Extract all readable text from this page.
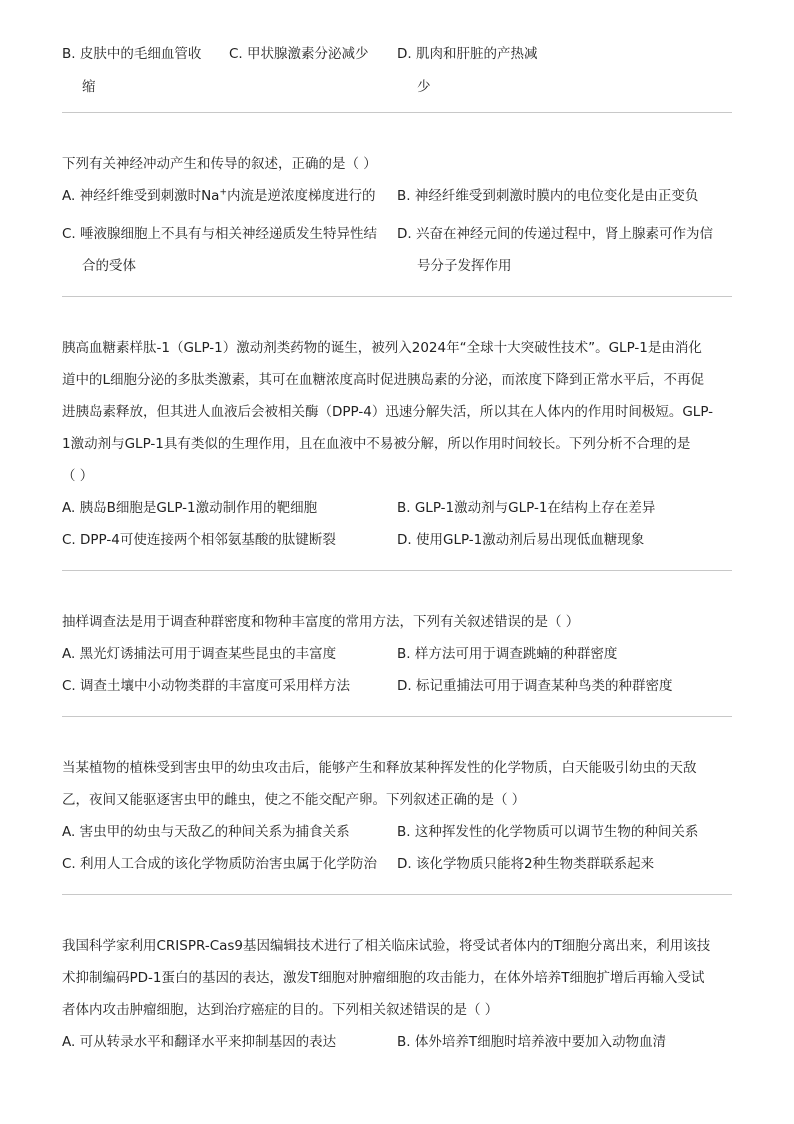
B. 皮肤中的毛细血管收
缩
C. 甲状腺激素分泌减少 D. 肌肉和肝脏的产热减
少
下列有关神经冲动产生和传导的叙述，正确的是（ ）
A. 神经纤维受到刺激时Na+内流是逆浓度梯度进行的 B. 神经纤维受到刺激时膜内的电位变化是由正变负
C. 唾液腺细胞上不具有与相关神经递质发生特异性结
合的受体
D. 兴奋在神经元间的传递过程中，肾上腺素可作为信
号分子发挥作用
胰高血糖素样肽-1（GLP-1）激动剂类药物的诞生，被列入2024年“全球十大突破性技术”。GLP-1是由消化
道中的L细胞分泌的多肽类激素，其可在血糖浓度高时促进胰岛素的分泌，而浓度下降到正常水平后，不再促
进胰岛素释放，但其进人血液后会被相关酶（DPP-4）迅速分解失活，所以其在人体内的作用时间极短。GLP-
1激动剂与GLP-1具有类似的生理作用，且在血液中不易被分解，所以作用时间较长。下列分析不合理的是
（ ）
A. 胰岛B细胞是GLP-1激动制作用的靶细胞	B. GLP-1激动剂与GLP-1在结构上存在差异
C. DPP-4可使连接两个相邻氨基酸的肽键断裂	D. 使用GLP-1激动剂后易出现低血糖现象
抽样调查法是用于调查种群密度和物种丰富度的常用方法，下列有关叙述错误的是（ ）
A. 黑光灯诱捕法可用于调查某些昆虫的丰富度	B. 样方法可用于调查跳蝻的种群密度
C. 调查土壤中小动物类群的丰富度可采用样方法	D. 标记重捕法可用于调查某种鸟类的种群密度
当某植物的植株受到害虫甲的幼虫攻击后，能够产生和释放某种挥发性的化学物质，白天能吸引幼虫的天敌
乙，夜间又能驱逐害虫甲的雌虫，使之不能交配产卵。下列叙述正确的是（ ）
A. 害虫甲的幼虫与天敌乙的种间关系为捕食关系	B. 这种挥发性的化学物质可以调节生物的种间关系
C. 利用人工合成的该化学物质防治害虫属于化学防治 D. 该化学物质只能将2种生物类群联系起来
我国科学家利用CRISPR-Cas9基因编辑技术进行了相关临床试验，将受试者体内的T细胞分离出来，利用该技
术抑制编码PD-1蛋白的基因的表达，激发T细胞对肿瘤细胞的攻击能力，在体外培养T细胞扩增后再输入受试
者体内攻击肿瘤细胞，达到治疗癌症的目的。下列相关叙述错误的是（ ）
A. 可从转录水平和翻译水平来抑制基因的表达	B. 体外培养T细胞时培养液中要加入动物血清
